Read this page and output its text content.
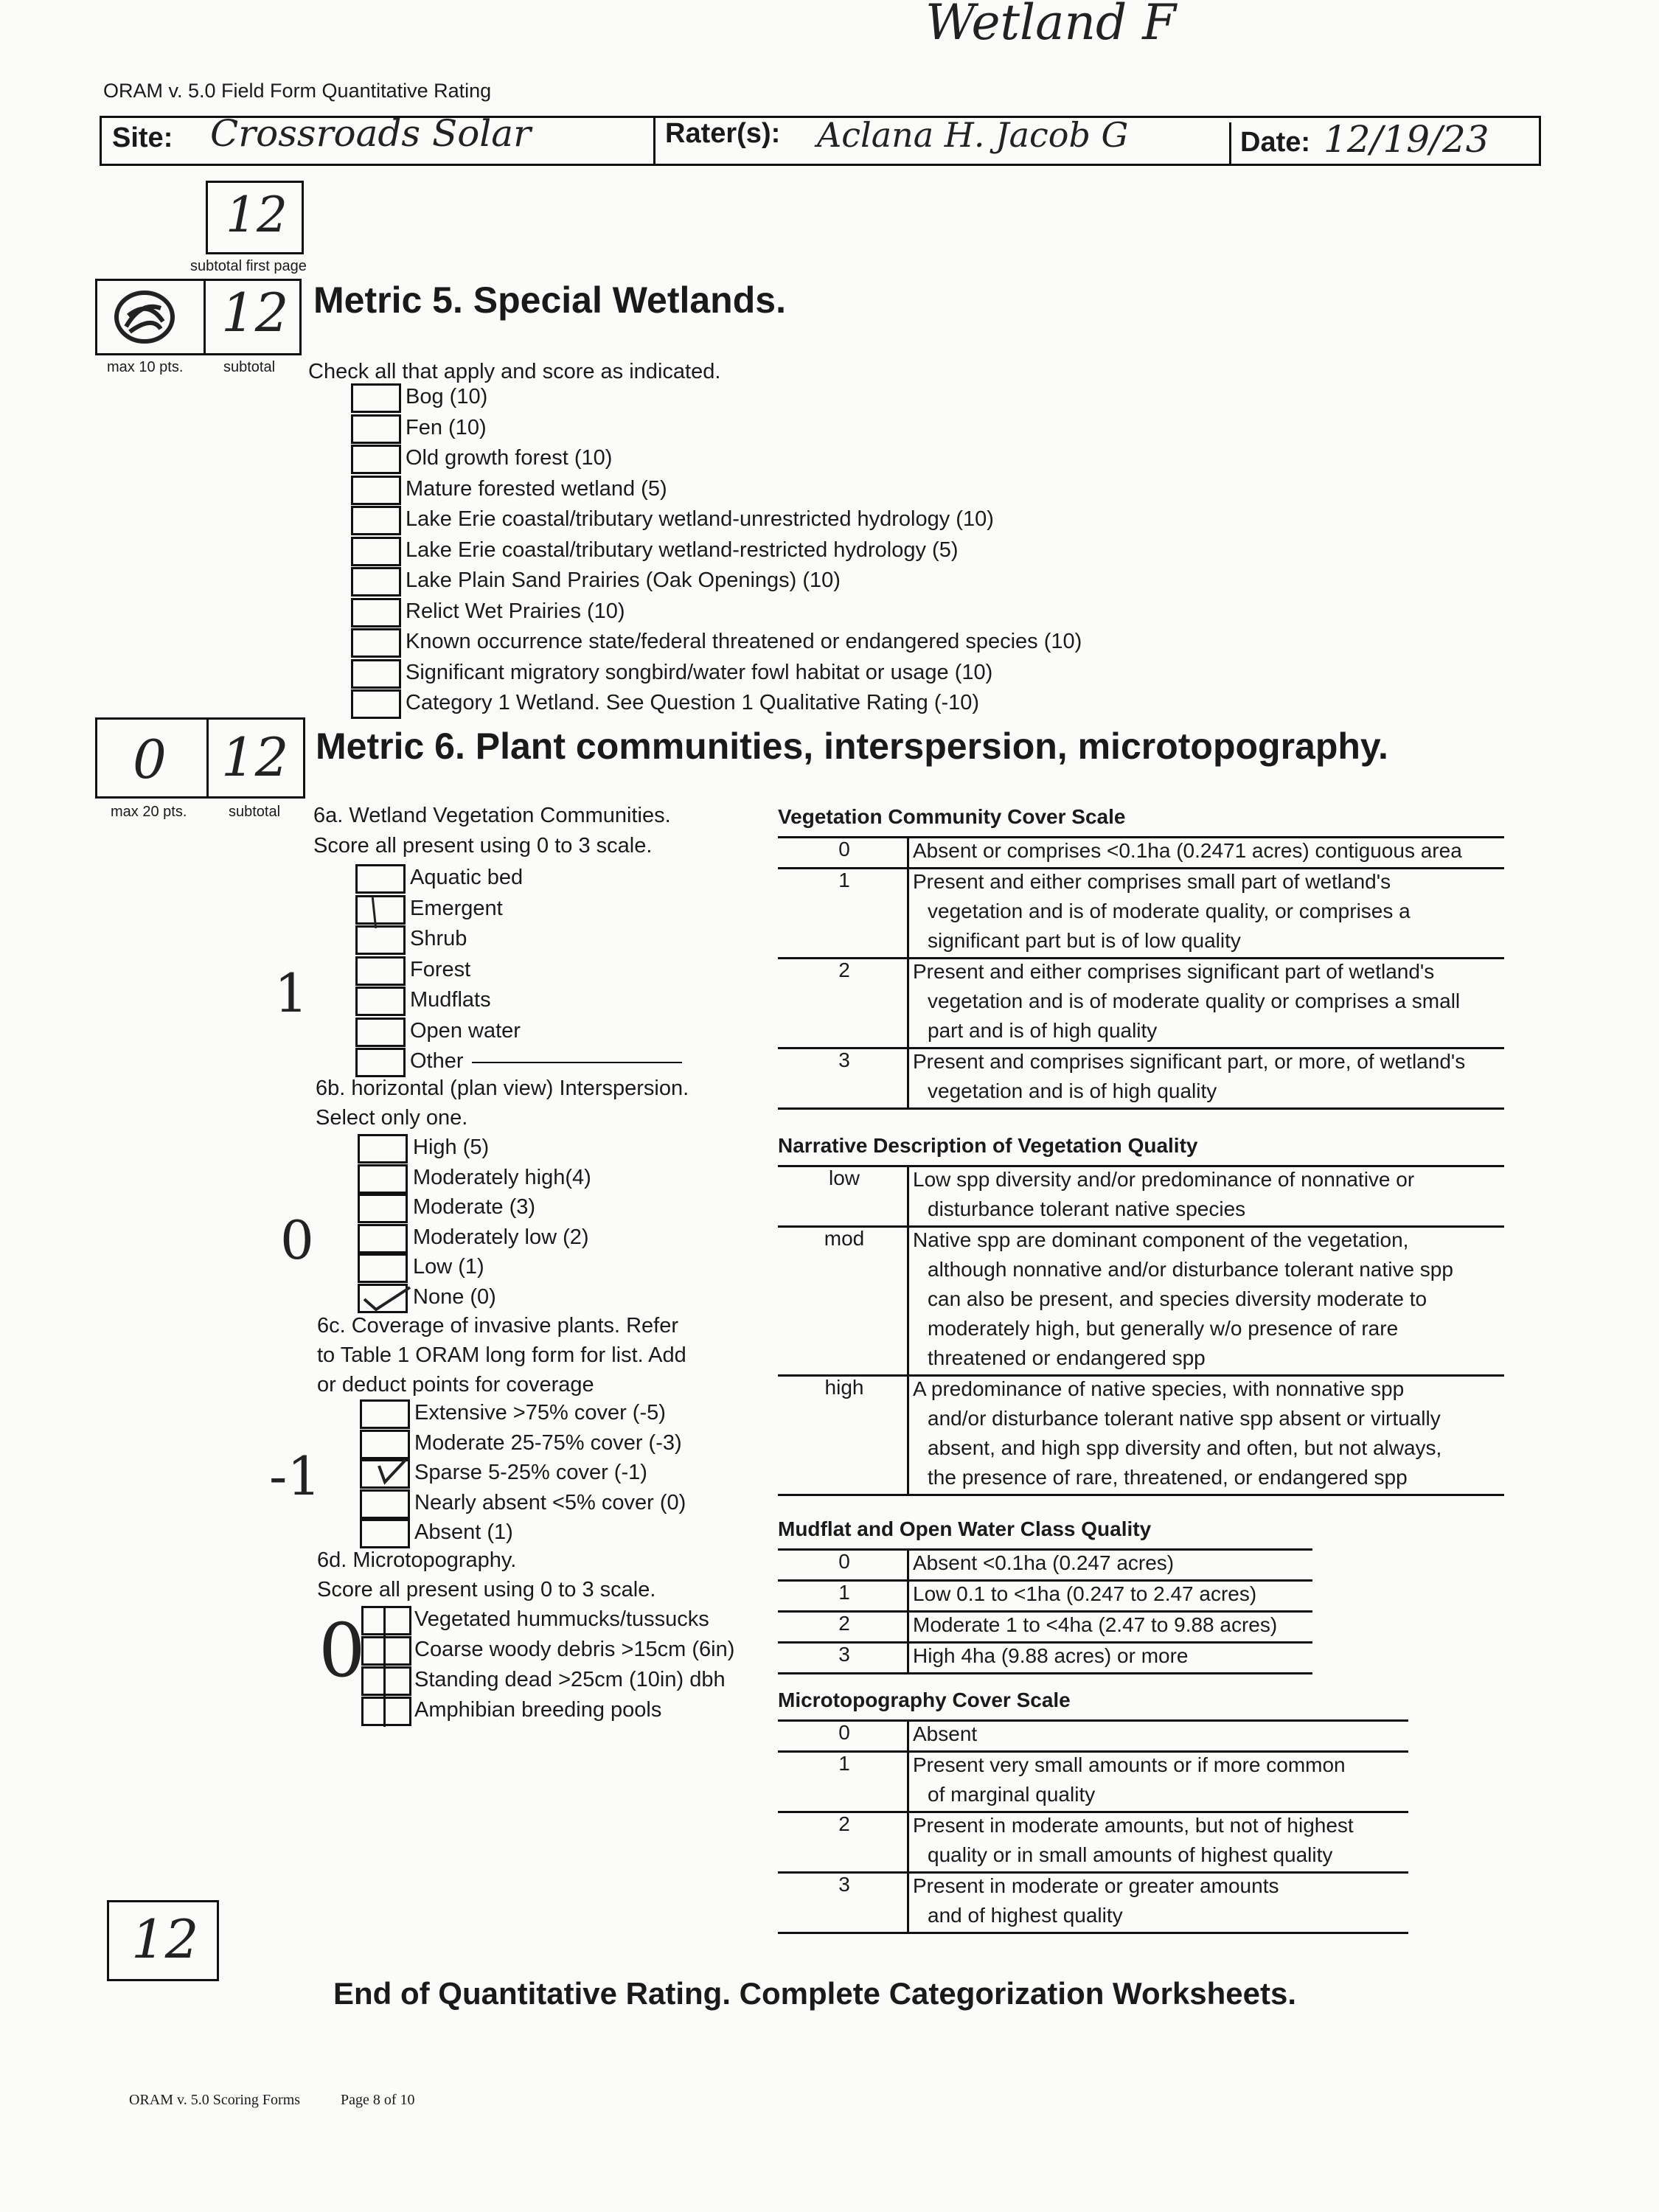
Wetland F
ORAM v. 5.0 Field Form Quantitative Rating
Site: Crossroads Solar	Rater(s): Aclana H. Jacob G	Date: 12/19/23
12
subtotal first page
12
max 10 pts.	subtotal
Metric 5. Special Wetlands.
Check all that apply and score as indicated.
Bog (10)
Fen (10)
Old growth forest (10)
Mature forested wetland (5)
Lake Erie coastal/tributary wetland-unrestricted hydrology (10)
Lake Erie coastal/tributary wetland-restricted hydrology (5)
Lake Plain Sand Prairies (Oak Openings) (10)
Relict Wet Prairies (10)
Known occurrence state/federal threatened or endangered species (10)
Significant migratory songbird/water fowl habitat or usage (10)
Category 1 Wetland. See Question 1 Qualitative Rating (-10)
0 12
max 20 pts.	subtotal
Metric 6. Plant communities, interspersion, microtopography.
6a. Wetland Vegetation Communities.
Score all present using 0 to 3 scale.
Aquatic bed
Emergent
Shrub
Forest
Mudflats
Open water
Other
1
6b. horizontal (plan view) Interspersion.
Select only one.
High (5)
Moderately high(4)
Moderate (3)
Moderately low (2)
Low (1)
None (0)
0
6c. Coverage of invasive plants. Refer
to Table 1 ORAM long form for list. Add
or deduct points for coverage
Extensive >75% cover (-5)
Moderate 25-75% cover (-3)
Sparse 5-25% cover (-1)
Nearly absent <5% cover (0)
Absent (1)
-1
6d. Microtopography.
Score all present using 0 to 3 scale.
Vegetated hummucks/tussucks
Coarse woody debris >15cm (6in)
Standing dead >25cm (10in) dbh
Amphibian breeding pools
0
Vegetation Community Cover Scale
0	Absent or comprises <0.1ha (0.2471 acres) contiguous area
1	Present and either comprises small part of wetland's
vegetation and is of moderate quality, or comprises a
significant part but is of low quality
2	Present and either comprises significant part of wetland's
vegetation and is of moderate quality or comprises a small
part and is of high quality
3	Present and comprises significant part, or more, of wetland's
vegetation and is of high quality
Narrative Description of Vegetation Quality
low	Low spp diversity and/or predominance of nonnative or
disturbance tolerant native species
mod	Native spp are dominant component of the vegetation,
although nonnative and/or disturbance tolerant native spp
can also be present, and species diversity moderate to
moderately high, but generally w/o presence of rare
threatened or endangered spp
high	A predominance of native species, with nonnative spp
and/or disturbance tolerant native spp absent or virtually
absent, and high spp diversity and often, but not always,
the presence of rare, threatened, or endangered spp
Mudflat and Open Water Class Quality
0	Absent <0.1ha (0.247 acres)
1	Low 0.1 to <1ha (0.247 to 2.47 acres)
2	Moderate 1 to <4ha (2.47 to 9.88 acres)
3	High 4ha (9.88 acres) or more
Microtopography Cover Scale
0	Absent
1	Present very small amounts or if more common
of marginal quality
2	Present in moderate amounts, but not of highest
quality or in small amounts of highest quality
3	Present in moderate or greater amounts
and of highest quality
12
End of Quantitative Rating. Complete Categorization Worksheets.
ORAM v. 5.0 Scoring Forms	Page 8 of 10
